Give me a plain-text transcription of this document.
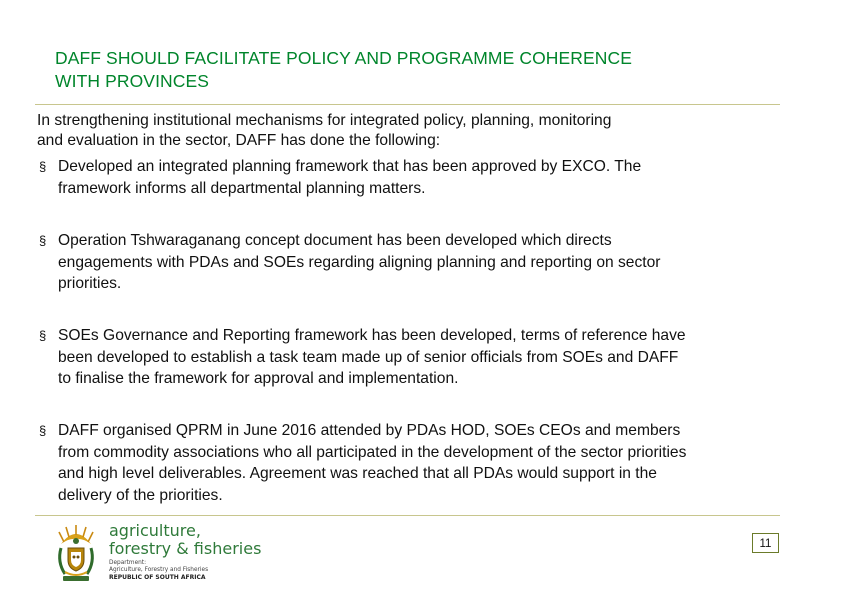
DAFF SHOULD FACILITATE POLICY AND PROGRAMME COHERENCE
WITH PROVINCES
In strengthening institutional mechanisms for integrated policy, planning, monitoring
and evaluation in the sector, DAFF has done the following:
§ Developed an integrated planning framework that has been approved by EXCO. The
framework informs all departmental planning matters.
§ Operation Tshwaraganang concept document has been developed which directs
engagements with PDAs and SOEs regarding aligning planning and reporting on sector
priorities.
§ SOEs Governance and Reporting framework has been developed, terms of reference have
been developed to establish a task team made up of senior officials from SOEs and DAFF
to finalise the framework for approval and implementation.
§ DAFF organised QPRM in June 2016 attended by PDAs HOD, SOEs CEOs and members
from commodity associations who all participated in the development of the sector priorities
and high level deliverables. Agreement was reached that all PDAs would support in the
delivery of the priorities.
agriculture,
forestry & fisheries
Department:
Agriculture, Forestry and Fisheries
REPUBLIC OF SOUTH AFRICA
11
